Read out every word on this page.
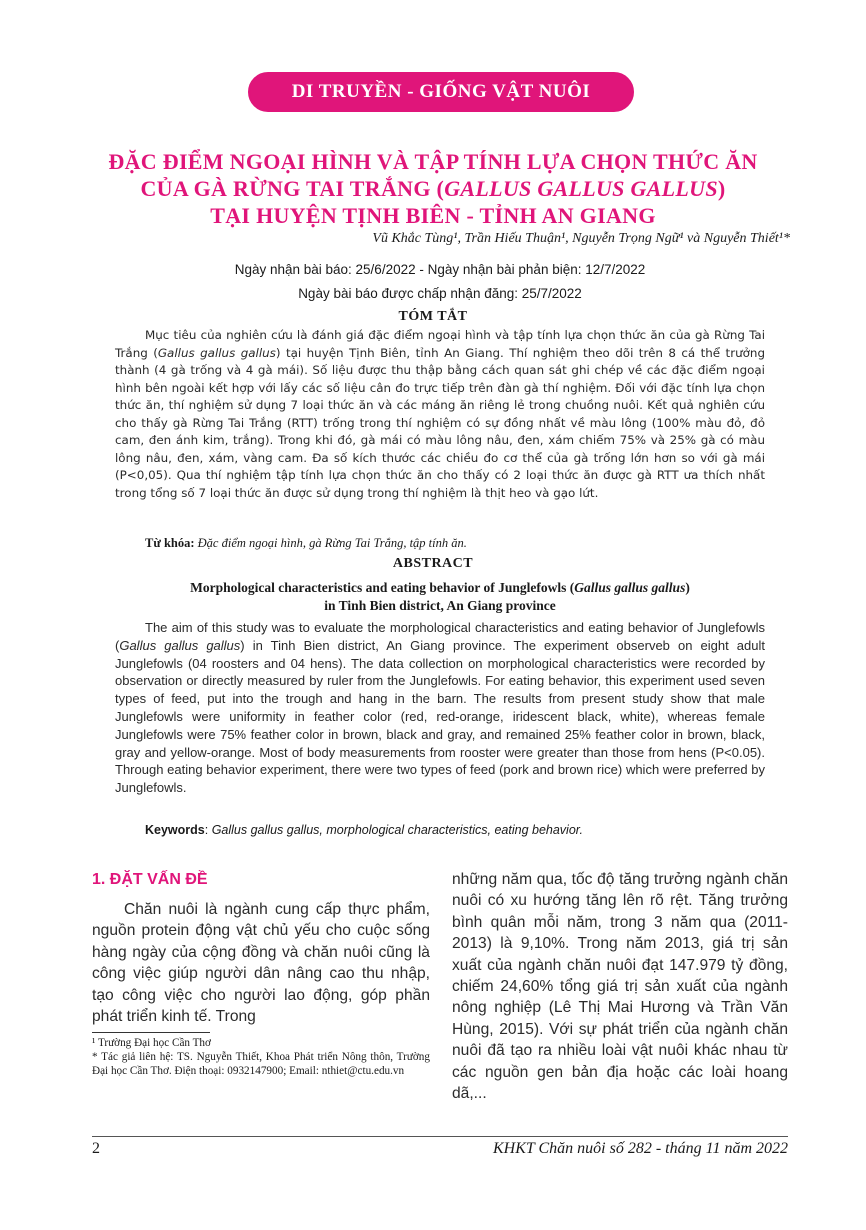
DI TRUYỀN - GIỐNG VẬT NUÔI
ĐẶC ĐIỂM NGOẠI HÌNH VÀ TẬP TÍNH LỰA CHỌN THỨC ĂN
CỦA GÀ RỪNG TAI TRẮNG (GALLUS GALLUS GALLUS)
TẠI HUYỆN TỊNH BIÊN - TỈNH AN GIANG
Vũ Khắc Tùng¹, Trần Hiếu Thuận¹, Nguyễn Trọng Ngữ¹ và Nguyễn Thiết¹*
Ngày nhận bài báo: 25/6/2022 - Ngày nhận bài phản biện: 12/7/2022
Ngày bài báo được chấp nhận đăng: 25/7/2022
TÓM TẮT
Mục tiêu của nghiên cứu là đánh giá đặc điểm ngoại hình và tập tính lựa chọn thức ăn của gà Rừng Tai Trắng (Gallus gallus gallus) tại huyện Tịnh Biên, tỉnh An Giang. Thí nghiệm theo dõi trên 8 cá thể trưởng thành (4 gà trống và 4 gà mái). Số liệu được thu thập bằng cách quan sát ghi chép về các đặc điểm ngoại hình bên ngoài kết hợp với lấy các số liệu cân đo trực tiếp trên đàn gà thí nghiệm. Đối với đặc tính lựa chọn thức ăn, thí nghiệm sử dụng 7 loại thức ăn và các máng ăn riêng lẻ trong chuồng nuôi. Kết quả nghiên cứu cho thấy gà Rừng Tai Trắng (RTT) trống trong thí nghiệm có sự đồng nhất về màu lông (100% màu đỏ, đỏ cam, đen ánh kim, trắng). Trong khi đó, gà mái có màu lông nâu, đen, xám chiếm 75% và 25% gà có màu lông nâu, đen, xám, vàng cam. Đa số kích thước các chiều đo cơ thể của gà trống lớn hơn so với gà mái (P<0,05). Qua thí nghiệm tập tính lựa chọn thức ăn cho thấy có 2 loại thức ăn được gà RTT ưa thích nhất trong tổng số 7 loại thức ăn được sử dụng trong thí nghiệm là thịt heo và gạo lứt.
Từ khóa: Đặc điểm ngoại hình, gà Rừng Tai Trắng, tập tính ăn.
ABSTRACT
Morphological characteristics and eating behavior of Junglefowls (Gallus gallus gallus)
in Tinh Bien district, An Giang province
The aim of this study was to evaluate the morphological characteristics and eating behavior of Junglefowls (Gallus gallus gallus) in Tinh Bien district, An Giang province. The experiment observeb on eight adult Junglefowls (04 roosters and 04 hens). The data collection on morphological characteristics were recorded by observation or directly measured by ruler from the Junglefowls. For eating behavior, this experiment used seven types of feed, put into the trough and hang in the barn. The results from present study show that male Junglefowls were uniformity in feather color (red, red-orange, iridescent black, white), whereas female Junglefowls were 75% feather color in brown, black and gray, and remained 25% feather color in brown, black, gray and yellow-orange. Most of body measurements from rooster were greater than those from hens (P<0.05). Through eating behavior experiment, there were two types of feed (pork and brown rice) which were preferred by Junglefowls.
Keywords: Gallus gallus gallus, morphological characteristics, eating behavior.
1. ĐẶT VẤN ĐỀ
Chăn nuôi là ngành cung cấp thực phẩm, nguồn protein động vật chủ yếu cho cuộc sống hàng ngày của cộng đồng và chăn nuôi cũng là công việc giúp người dân nâng cao thu nhập, tạo công việc cho người lao động, góp phần phát triển kinh tế. Trong
những năm qua, tốc độ tăng trưởng ngành chăn nuôi có xu hướng tăng lên rõ rệt. Tăng trưởng bình quân mỗi năm, trong 3 năm qua (2011-2013) là 9,10%. Trong năm 2013, giá trị sản xuất của ngành chăn nuôi đạt 147.979 tỷ đồng, chiếm 24,60% tổng giá trị sản xuất của ngành nông nghiệp (Lê Thị Mai Hương và Trần Văn Hùng, 2015). Với sự phát triển của ngành chăn nuôi đã tạo ra nhiều loài vật nuôi khác nhau từ các nguồn gen bản địa hoặc các loài hoang dã,...

¹ Trường Đại học Cần Thơ

* Tác giả liên hệ: TS. Nguyễn Thiết, Khoa Phát triển Nông thôn, Trường Đại học Cần Thơ. Điện thoại: 0932147900; Email: nthiet@ctu.edu.vn

2	KHKT Chăn nuôi số 282 - tháng 11 năm 2022
